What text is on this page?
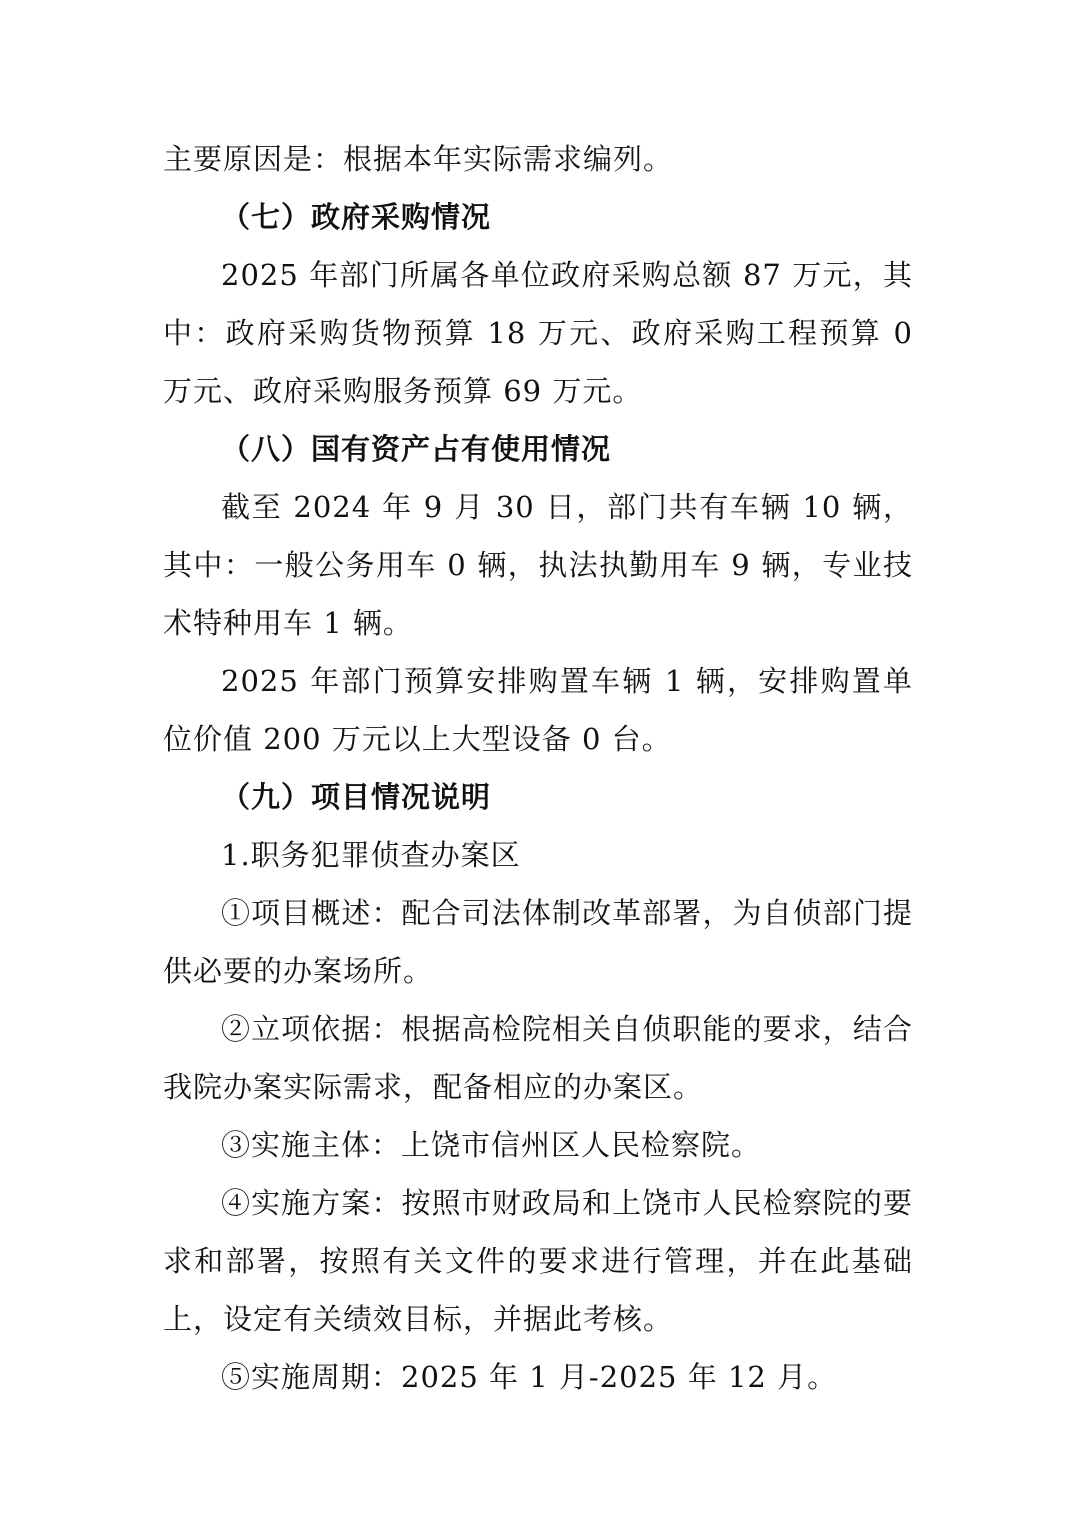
主要原因是：根据本年实际需求编列。

（七）政府采购情况

2025 年部门所属各单位政府采购总额 87 万元，其中：政府采购货物预算 18 万元、政府采购工程预算 0 万元、政府采购服务预算 69 万元。

（八）国有资产占有使用情况

截至 2024 年 9 月 30 日，部门共有车辆 10 辆，其中：一般公务用车 0 辆，执法执勤用车 9 辆，专业技术特种用车 1 辆。

2025 年部门预算安排购置车辆 1 辆，安排购置单位价值 200 万元以上大型设备 0 台。

（九）项目情况说明

1.职务犯罪侦查办案区

①项目概述：配合司法体制改革部署，为自侦部门提供必要的办案场所。

②立项依据：根据高检院相关自侦职能的要求，结合我院办案实际需求，配备相应的办案区。

③实施主体：上饶市信州区人民检察院。

④实施方案：按照市财政局和上饶市人民检察院的要求和部署，按照有关文件的要求进行管理，并在此基础上，设定有关绩效目标，并据此考核。

⑤实施周期：2025 年 1 月-2025 年 12 月。
